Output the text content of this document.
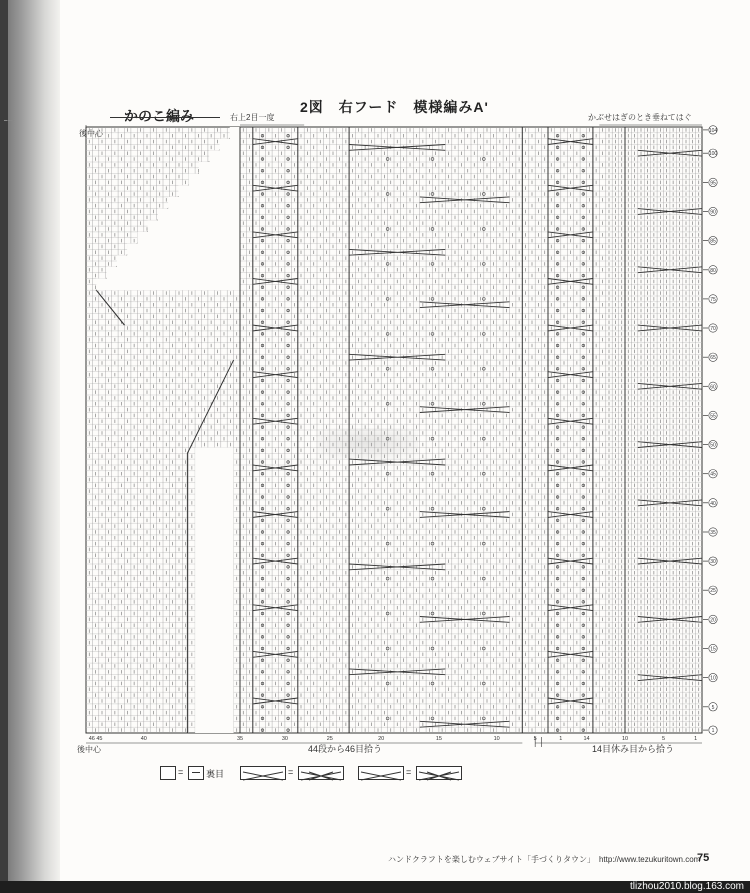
2図　右フード　模様編みA'
かのこ編み
後中心
右上2目一度	かぶせはぎのとき垂ねてはぐ
1
5
10
15
20
25
30
35
40
45
50
55
60
65
70
75
80
85
90
95
100
104
46 45	40	35	30	25	20	15	10	5	1	14	10	5	1
後中心	44段から46目拾う	14目休み目から拾う
=	裏目	=	=
ハンドクラフトを楽しむウェブサイト「手づくりタウン」　http://www.tezukuritown.com
75
tlizhou2010.blog.163.com
